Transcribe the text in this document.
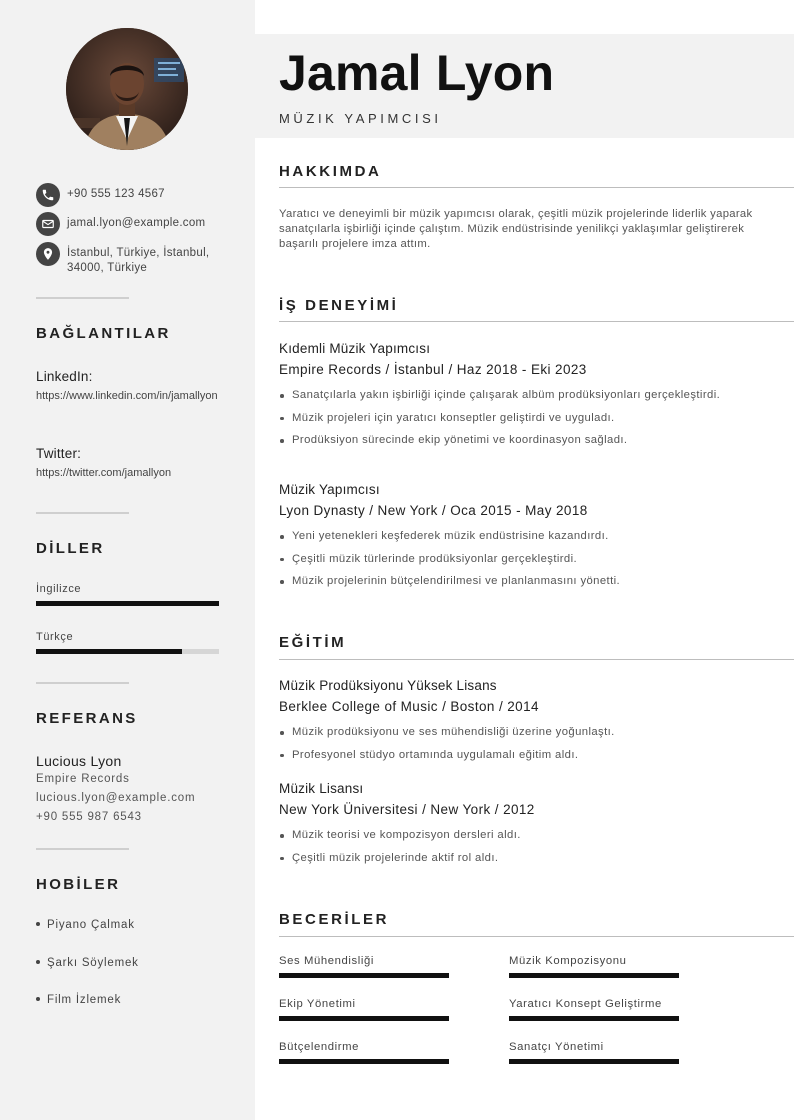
+90 555 123 4567
jamal.lyon@example.com
İstanbul, Türkiye, İstanbul, 34000, Türkiye
BAĞLANTILAR
LinkedIn:
https://www.linkedin.com/in/jamallyon
Twitter:
https://twitter.com/jamallyon
DİLLER
İngilizce
Türkçe
REFERANS
Lucious Lyon
Empire Records
lucious.lyon@example.com
+90 555 987 6543
HOBİLER
Piyano Çalmak
Şarkı Söylemek
Film İzlemek
Jamal Lyon
MÜZIK YAPIMCISI
HAKKIMDA

Yaratıcı ve deneyimli bir müzik yapımcısı olarak, çeşitli müzik projelerinde liderlik yaparak sanatçılarla işbirliği içinde çalıştım. Müzik endüstrisinde yenilikçi yaklaşımlar geliştirerek başarılı projelere imza attım.

İŞ DENEYİMİ
Kıdemli Müzik Yapımcısı
Empire Records / İstanbul / Haz 2018 - Eki 2023
Sanatçılarla yakın işbirliği içinde çalışarak albüm prodüksiyonları gerçekleştirdi.
Müzik projeleri için yaratıcı konseptler geliştirdi ve uyguladı.
Prodüksiyon sürecinde ekip yönetimi ve koordinasyon sağladı.
Müzik Yapımcısı
Lyon Dynasty / New York / Oca 2015 - May 2018
Yeni yetenekleri keşfederek müzik endüstrisine kazandırdı.
Çeşitli müzik türlerinde prodüksiyonlar gerçekleştirdi.
Müzik projelerinin bütçelendirilmesi ve planlanmasını yönetti.
EĞİTİM
Müzik Prodüksiyonu Yüksek Lisans
Berklee College of Music / Boston / 2014
Müzik prodüksiyonu ve ses mühendisliği üzerine yoğunlaştı.
Profesyonel stüdyo ortamında uygulamalı eğitim aldı.
Müzik Lisansı
New York Üniversitesi / New York / 2012
Müzik teorisi ve kompozisyon dersleri aldı.
Çeşitli müzik projelerinde aktif rol aldı.
BECERİLER
Ses Mühendisliği	Müzik Kompozisyonu
Ekip Yönetimi	Yaratıcı Konsept Geliştirme
Bütçelendirme	Sanatçı Yönetimi
